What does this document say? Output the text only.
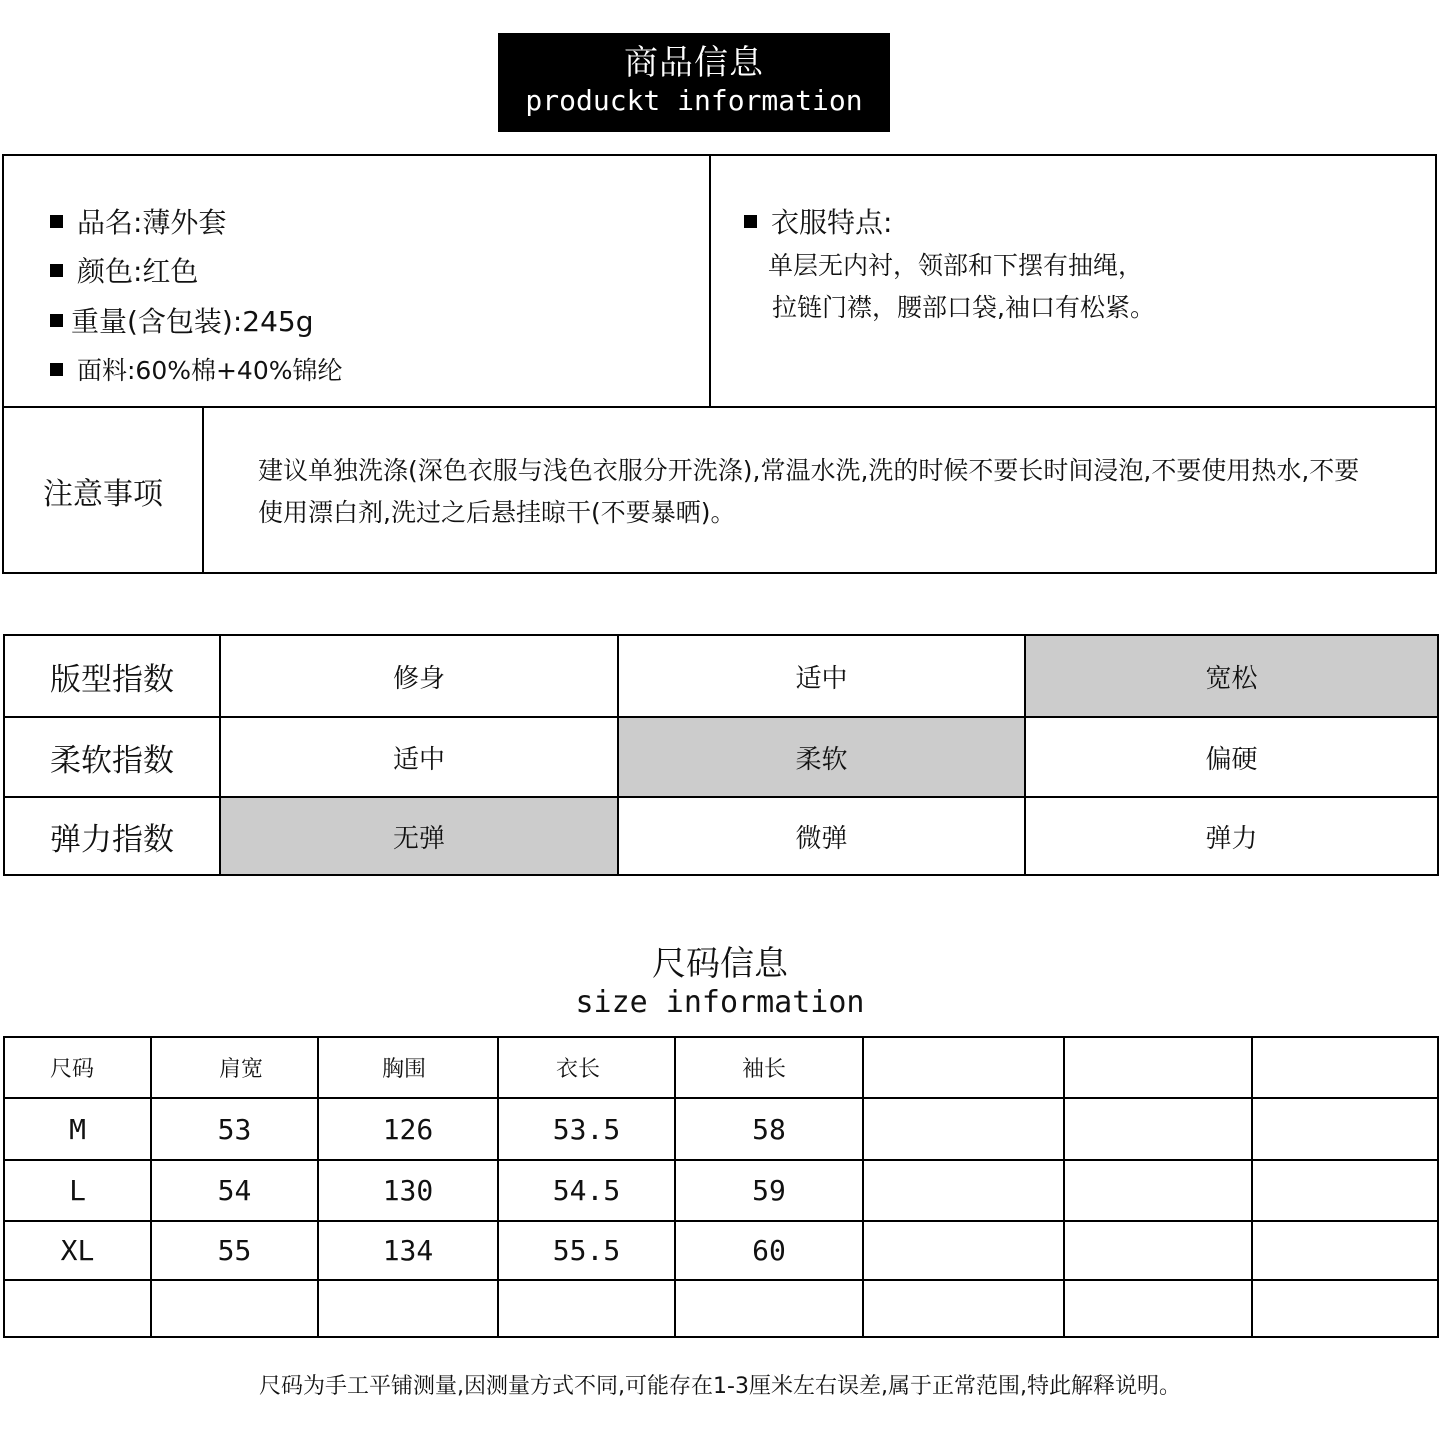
商品信息
produckt information
品名:薄外套
颜色:红色
重量(含包装):245g
面料:60%棉+40%锦纶
衣服特点:
单层无内衬，领部和下摆有抽绳，
拉链门襟，腰部口袋,袖口有松紧。
注意事项
建议单独洗涤(深色衣服与浅色衣服分开洗涤),常温水洗,洗的时候不要长时间浸泡,不要使用热水,不要使用漂白剂,洗过之后悬挂晾干(不要暴晒)。
版型指数	修身	适中	宽松
柔软指数	适中	柔软	偏硬
弹力指数	无弹	微弹	弹力
尺码信息
size information
尺码	肩宽	胸围	衣长	袖长			
M	53	126	53.5	58			
L	54	130	54.5	59			
XL	55	134	55.5	60			

尺码为手工平铺测量,因测量方式不同,可能存在1-3厘米左右误差,属于正常范围,特此解释说明。
